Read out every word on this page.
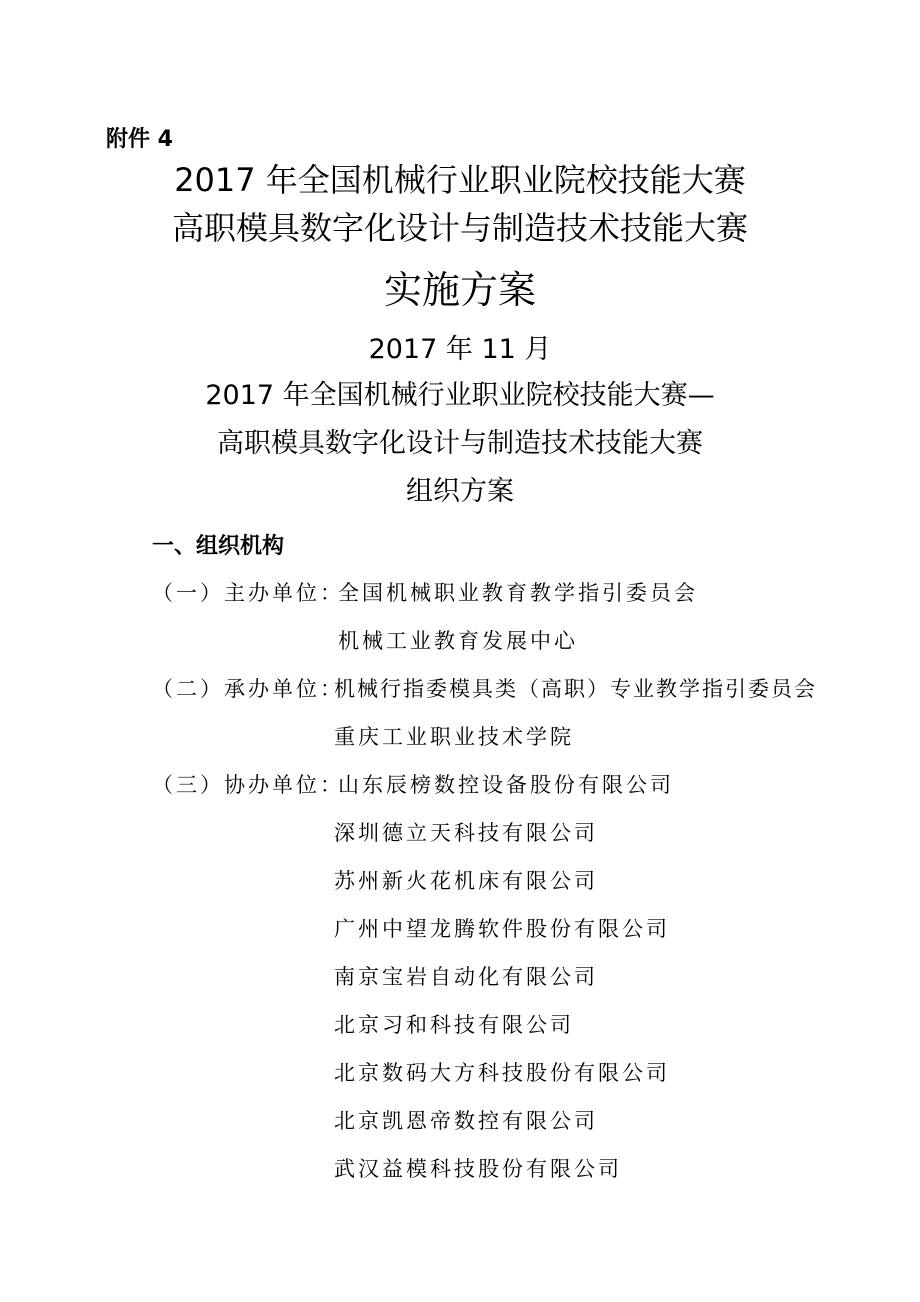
附件 4
2017 年全国机械行业职业院校技能大赛
高职模具数字化设计与制造技术技能大赛
实施方案
2017 年 11 月
2017 年全国机械行业职业院校技能大赛—
高职模具数字化设计与制造技术技能大赛
组织方案
一、组织机构
（一）主办单位：
全国机械职业教育教学指引委员会
机械工业教育发展中心
（二）承办单位：
机械行指委模具类（高职）专业教学指引委员会
重庆工业职业技术学院
（三）协办单位：
山东辰榜数控设备股份有限公司
深圳德立天科技有限公司
苏州新火花机床有限公司
广州中望龙腾软件股份有限公司
南京宝岩自动化有限公司
北京习和科技有限公司
北京数码大方科技股份有限公司
北京凯恩帝数控有限公司
武汉益模科技股份有限公司
